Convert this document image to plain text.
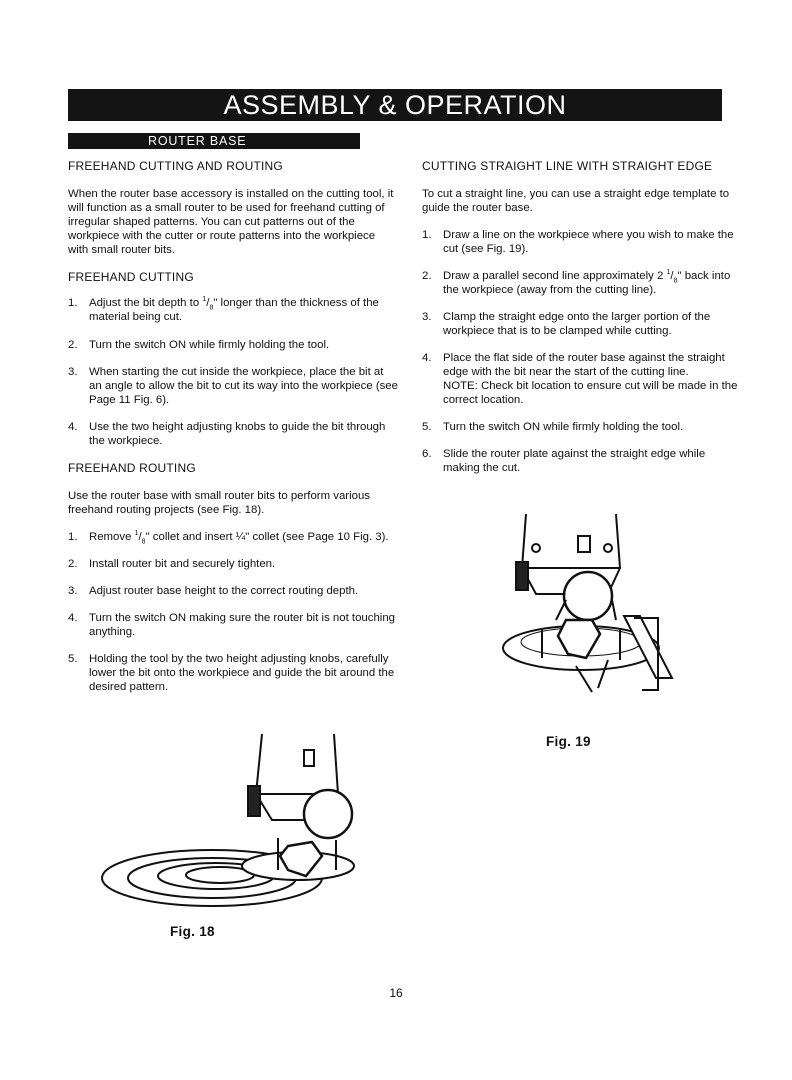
ASSEMBLY & OPERATION
ROUTER BASE
FREEHAND CUTTING AND ROUTING

When the router base accessory is installed on the cutting tool, it will function as a small router to be used for freehand cutting of irregular shaped patterns. You can cut patterns out of the workpiece with the cutter or route patterns into the workpiece with small router bits.

FREEHAND CUTTING
1. Adjust the bit depth to $^1/_8$" longer than the thickness of the material being cut.
2. Turn the switch ON while firmly holding the tool.
3. When starting the cut inside the workpiece, place the bit at an angle to allow the bit to cut its way into the workpiece (see Page 11 Fig. 6).
4. Use the two height adjusting knobs to guide the bit through the workpiece.
FREEHAND ROUTING

Use the router base with small router bits to perform various freehand routing projects (see Fig. 18).

1. Remove $^1/_8$" collet and insert ¼" collet (see Page 10 Fig. 3).
2. Install router bit and securely tighten.
3. Adjust router base height to the correct routing depth.
4. Turn the switch ON making sure the router bit is not touching anything.
5. Holding the tool by the two height adjusting knobs, carefully lower the bit onto the workpiece and guide the bit around the desired pattern.
CUTTING STRAIGHT LINE WITH STRAIGHT EDGE

To cut a straight line, you can use a straight edge template to guide the router base.

1. Draw a line on the workpiece where you wish to make the cut (see Fig. 19).
2. Draw a parallel second line approximately 2 $^1/_8$" back into the workpiece (away from the cutting line).
3. Clamp the straight edge onto the larger portion of the workpiece that is to be clamped while cutting.
4. Place the flat side of the router base against the straight edge with the bit near the start of the cutting line.
NOTE: Check bit location to ensure cut will be made in the correct location.
5. Turn the switch ON while firmly holding the tool.
6. Slide the router plate against the straight edge while making the cut.
Fig. 19
Fig. 18
16
